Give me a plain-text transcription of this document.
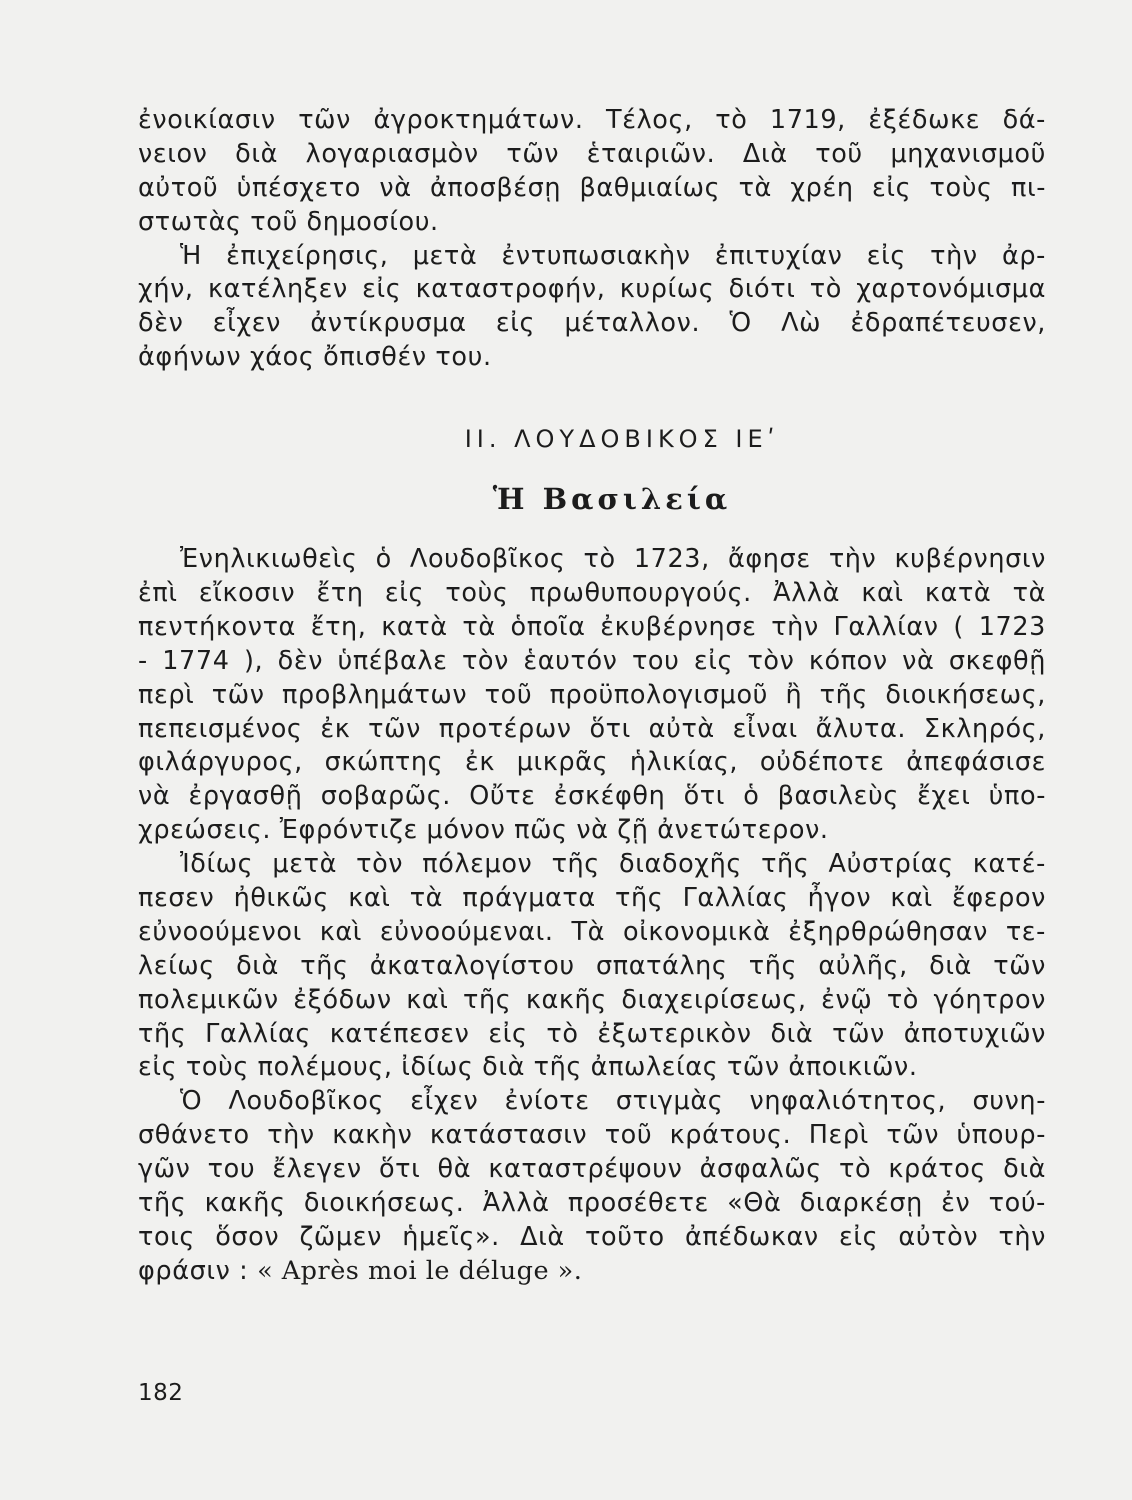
ἐνοικίασιν τῶν ἀγροκτημάτων. Τέλος, τὸ 1719, ἐξέδωκε δά-
νειον διὰ λογαριασμὸν τῶν ἑταιριῶν. Διὰ τοῦ μηχανισμοῦ
αὐτοῦ ὑπέσχετο νὰ ἀποσβέσῃ βαθμιαίως τὰ χρέη εἰς τοὺς πι-
στωτὰς τοῦ δημοσίου.
Ἡ ἐπιχείρησις, μετὰ ἐντυπωσιακὴν ἐπιτυχίαν εἰς τὴν ἀρ-
χήν, κατέληξεν εἰς καταστροφήν, κυρίως διότι τὸ χαρτονόμισμα
δὲν εἶχεν ἀντίκρυσμα εἰς μέταλλον. Ὁ Λὼ ἐδραπέτευσεν,
ἀφήνων χάος ὄπισθέν του.
II. ΛΟΥΔΟΒΙΚΟΣ ΙΕʹ
Ἡ Βασιλεία
Ἐνηλικιωθεὶς ὁ Λουδοβῖκος τὸ 1723, ἄφησε τὴν κυβέρνησιν
ἐπὶ εἴκοσιν ἔτη εἰς τοὺς πρωθυπουργούς. Ἀλλὰ καὶ κατὰ τὰ
πεντήκοντα ἔτη, κατὰ τὰ ὁποῖα ἐκυβέρνησε τὴν Γαλλίαν ( 1723
- 1774 ), δὲν ὑπέβαλε τὸν ἑαυτόν του εἰς τὸν κόπον νὰ σκεφθῇ
περὶ τῶν προβλημάτων τοῦ προϋπολογισμοῦ ἢ τῆς διοικήσεως,
πεπεισμένος ἐκ τῶν προτέρων ὅτι αὐτὰ εἶναι ἄλυτα. Σκληρός,
φιλάργυρος, σκώπτης ἐκ μικρᾶς ἡλικίας, οὐδέποτε ἀπεφάσισε
νὰ ἐργασθῇ σοβαρῶς. Οὔτε ἐσκέφθη ὅτι ὁ βασιλεὺς ἔχει ὑπο-
χρεώσεις. Ἐφρόντιζε μόνον πῶς νὰ ζῇ ἀνετώτερον.
Ἰδίως μετὰ τὸν πόλεμον τῆς διαδοχῆς τῆς Αὐστρίας κατέ-
πεσεν ἠθικῶς καὶ τὰ πράγματα τῆς Γαλλίας ἦγον καὶ ἔφερον
εὐνοούμενοι καὶ εὐνοούμεναι. Τὰ οἰκονομικὰ ἐξηρθρώθησαν τε-
λείως διὰ τῆς ἀκαταλογίστου σπατάλης τῆς αὐλῆς, διὰ τῶν
πολεμικῶν ἐξόδων καὶ τῆς κακῆς διαχειρίσεως, ἐνῷ τὸ γόητρον
τῆς Γαλλίας κατέπεσεν εἰς τὸ ἐξωτερικὸν διὰ τῶν ἀποτυχιῶν
εἰς τοὺς πολέμους, ἰδίως διὰ τῆς ἀπωλείας τῶν ἀποικιῶν.
Ὁ Λουδοβῖκος εἶχεν ἐνίοτε στιγμὰς νηφαλιότητος, συνη-
σθάνετο τὴν κακὴν κατάστασιν τοῦ κράτους. Περὶ τῶν ὑπουρ-
γῶν του ἔλεγεν ὅτι θὰ καταστρέψουν ἀσφαλῶς τὸ κράτος διὰ
τῆς κακῆς διοικήσεως. Ἀλλὰ προσέθετε «Θὰ διαρκέσῃ ἐν τού-
τοις ὅσον ζῶμεν ἡμεῖς». Διὰ τοῦτο ἀπέδωκαν εἰς αὐτὸν τὴν
φράσιν : « Après moi le déluge ».
182
